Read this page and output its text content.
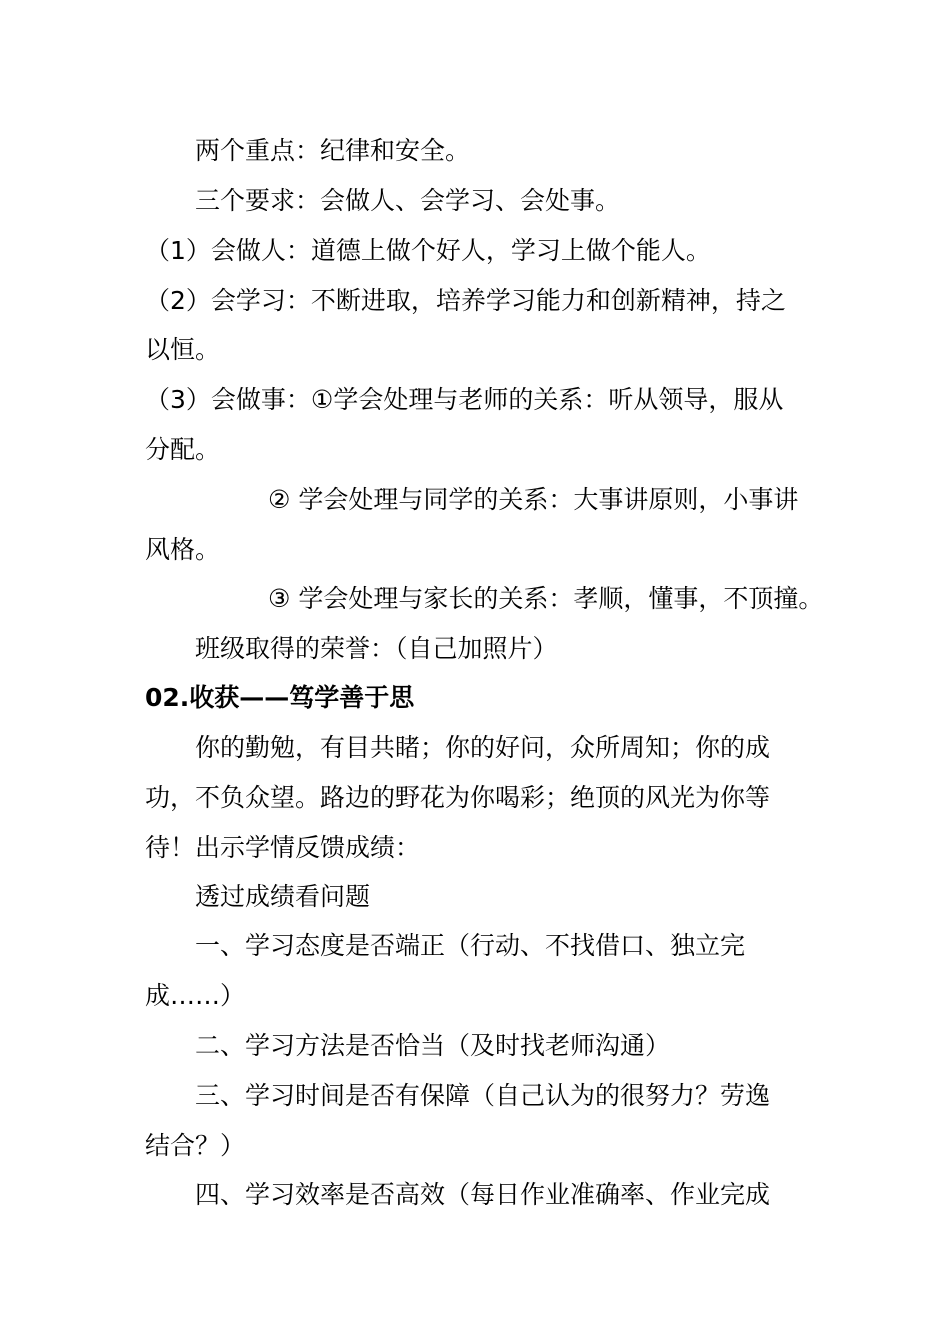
两个重点：纪律和安全。
三个要求：会做人、会学习、会处事。
（1）会做人：道德上做个好人，学习上做个能人。
（2）会学习：不断进取，培养学习能力和创新精神，持之
以恒。
（3）会做事：①学会处理与老师的关系：听从领导，服从
分配。
② 学会处理与同学的关系：大事讲原则，小事讲
风格。
③ 学会处理与家长的关系：孝顺，懂事，不顶撞。
班级取得的荣誉：（自己加照片）
02.收获——笃学善于思
你的勤勉，有目共睹；你的好问，众所周知；你的成
功，不负众望。路边的野花为你喝彩；绝顶的风光为你等
待！出示学情反馈成绩：
透过成绩看问题
一、学习态度是否端正（行动、不找借口、独立完
成……）
二、学习方法是否恰当（及时找老师沟通）
三、学习时间是否有保障（自己认为的很努力？劳逸
结合？）
四、学习效率是否高效（每日作业准确率、作业完成
